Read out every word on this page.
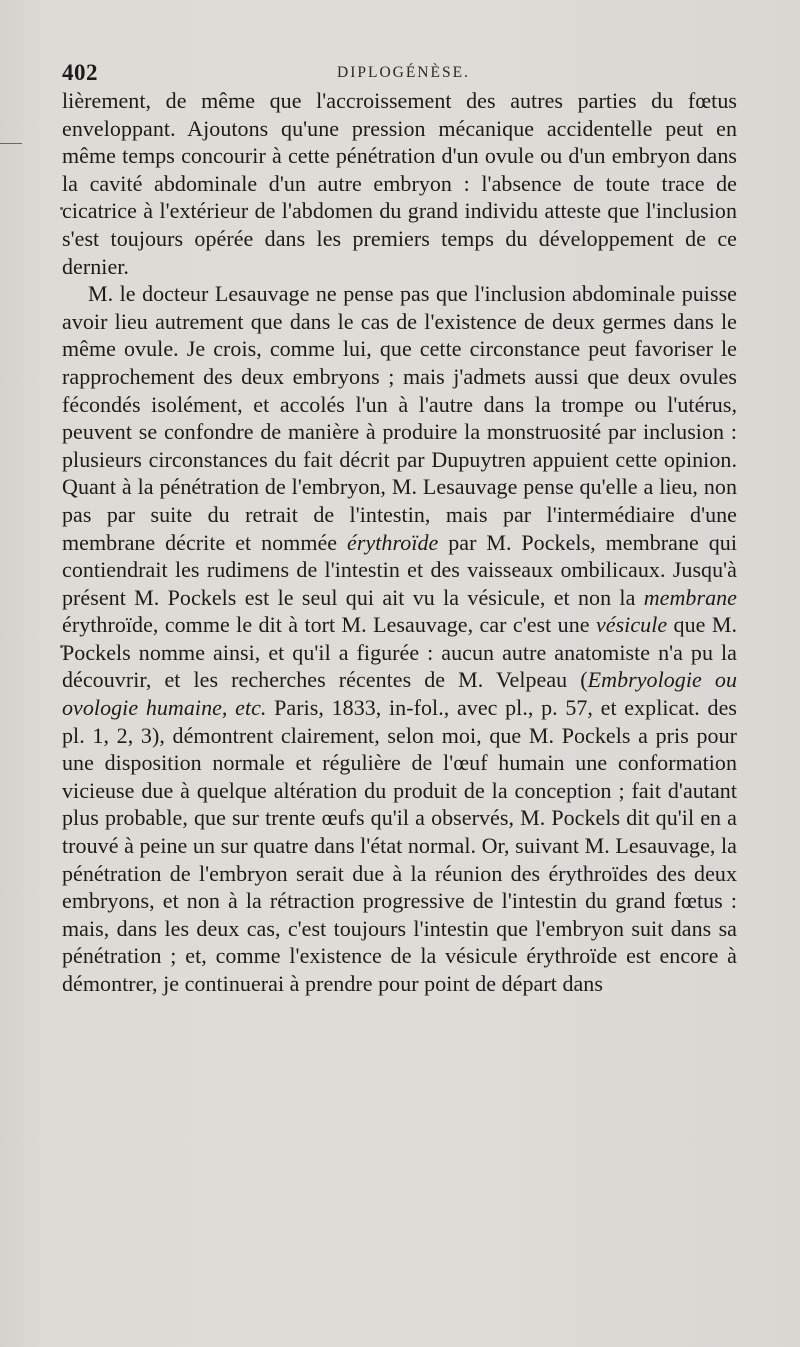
402	DIPLOGÉNÈSE.

lièrement, de même que l'accroissement des autres parties du fœtus enveloppant. Ajoutons qu'une pression mécanique accidentelle peut en même temps concourir à cette pénétration d'un ovule ou d'un embryon dans la cavité abdominale d'un autre embryon : l'absence de toute trace de cicatrice à l'extérieur de l'abdomen du grand individu atteste que l'inclusion s'est toujours opérée dans les premiers temps du développement de ce dernier.

M. le docteur Lesauvage ne pense pas que l'inclusion abdominale puisse avoir lieu autrement que dans le cas de l'existence de deux germes dans le même ovule. Je crois, comme lui, que cette circonstance peut favoriser le rapprochement des deux embryons ; mais j'admets aussi que deux ovules fécondés isolément, et accolés l'un à l'autre dans la trompe ou l'utérus, peuvent se confondre de manière à produire la monstruosité par inclusion : plusieurs circonstances du fait décrit par Dupuytren appuient cette opinion. Quant à la pénétration de l'embryon, M. Lesauvage pense qu'elle a lieu, non pas par suite du retrait de l'intestin, mais par l'intermédiaire d'une membrane décrite et nommée érythroïde par M. Pockels, membrane qui contiendrait les rudimens de l'intestin et des vaisseaux ombilicaux. Jusqu'à présent M. Pockels est le seul qui ait vu la vésicule, et non la membrane érythroïde, comme le dit à tort M. Lesauvage, car c'est une vésicule que M. Pockels nomme ainsi, et qu'il a figurée : aucun autre anatomiste n'a pu la découvrir, et les recherches récentes de M. Velpeau (Embryologie ou ovologie humaine, etc. Paris, 1833, in-fol., avec pl., p. 57, et explicat. des pl. 1, 2, 3), démontrent clairement, selon moi, que M. Pockels a pris pour une disposition normale et régulière de l'œuf humain une conformation vicieuse due à quelque altération du produit de la conception ; fait d'autant plus probable, que sur trente œufs qu'il a observés, M. Pockels dit qu'il en a trouvé à peine un sur quatre dans l'état normal. Or, suivant M. Lesauvage, la pénétration de l'embryon serait due à la réunion des érythroïdes des deux embryons, et non à la rétraction progressive de l'intestin du grand fœtus : mais, dans les deux cas, c'est toujours l'intestin que l'embryon suit dans sa pénétration ; et, comme l'existence de la vésicule érythroïde est encore à démontrer, je continuerai à prendre pour point de départ dans
